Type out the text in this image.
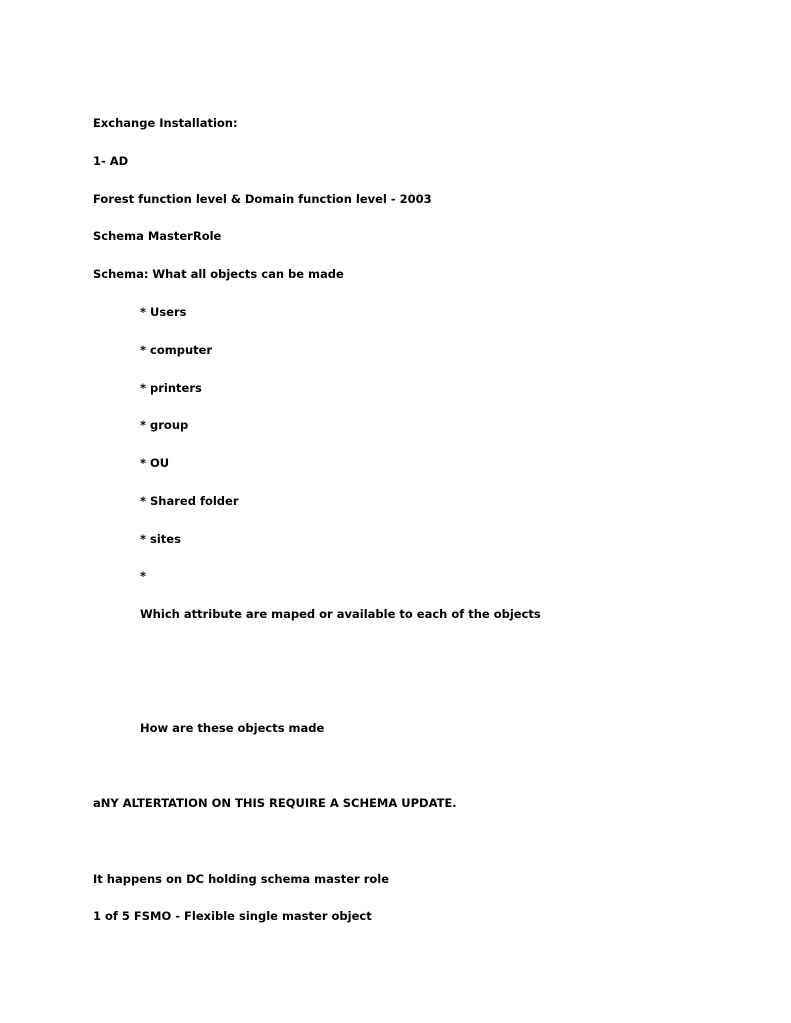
Exchange Installation:
1- AD
Forest function level & Domain function level - 2003
Schema MasterRole
Schema: What all objects can be made
* Users
* computer
* printers
* group
* OU
* Shared folder
* sites
*
Which attribute are maped or available to each of the objects
How are these objects made
aNY ALTERTATION ON THIS REQUIRE A SCHEMA UPDATE.
It happens on DC holding schema master role
1 of 5 FSMO - Flexible single master object
